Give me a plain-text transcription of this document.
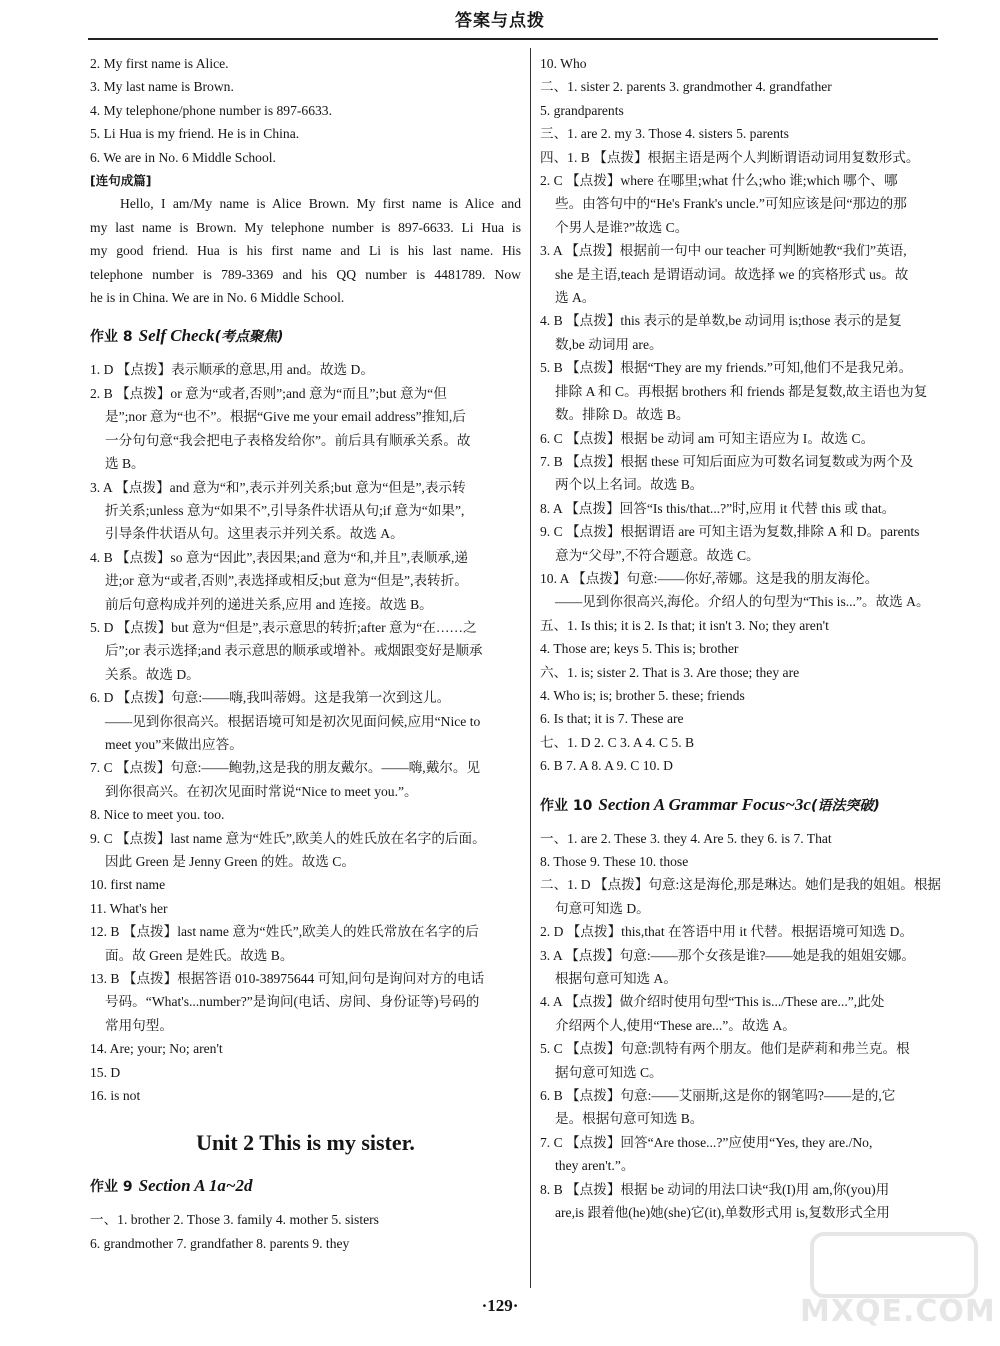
答案与点拨

2. My first name is Alice.

3. My last name is Brown.

4. My telephone/phone number is 897-6633.

5. Li Hua is my friend. He is in China.

6. We are in No. 6 Middle School.

[连句成篇]

Hello, I am/My name is Alice Brown. My first name is Alice and

my last name is Brown. My telephone number is 897-6633. Li Hua is

my good friend. Hua is his first name and Li is his last name. His

telephone number is 789-3369 and his QQ number is 4481789. Now

he is in China. We are in No. 6 Middle School.

作业 8 Self Check(考点聚焦)

1. D 【点拨】表示顺承的意思,用 and。故选 D。

2. B 【点拨】or 意为“或者,否则”;and 意为“而且”;but 意为“但

是”;nor 意为“也不”。根据“Give me your email address”推知,后

一分句句意“我会把电子表格发给你”。前后具有顺承关系。故

选 B。

3. A 【点拨】and 意为“和”,表示并列关系;but 意为“但是”,表示转

折关系;unless 意为“如果不”,引导条件状语从句;if 意为“如果”,

引导条件状语从句。这里表示并列关系。故选 A。

4. B 【点拨】so 意为“因此”,表因果;and 意为“和,并且”,表顺承,递

进;or 意为“或者,否则”,表选择或相反;but 意为“但是”,表转折。

前后句意构成并列的递进关系,应用 and 连接。故选 B。

5. D 【点拨】but 意为“但是”,表示意思的转折;after 意为“在……之

后”;or 表示选择;and 表示意思的顺承或增补。戒烟跟变好是顺承

关系。故选 D。

6. D 【点拨】句意:——嗨,我叫蒂姆。这是我第一次到这儿。

——见到你很高兴。根据语境可知是初次见面问候,应用“Nice to

meet you”来做出应答。

7. C 【点拨】句意:——鲍勃,这是我的朋友戴尔。——嗨,戴尔。见

到你很高兴。在初次见面时常说“Nice to meet you.”。

8. Nice to meet you. too.

9. C 【点拨】last name 意为“姓氏”,欧美人的姓氏放在名字的后面。

因此 Green 是 Jenny Green 的姓。故选 C。

10. first name

11. What's her

12. B 【点拨】last name 意为“姓氏”,欧美人的姓氏常放在名字的后

面。故 Green 是姓氏。故选 B。

13. B 【点拨】根据答语 010-38975644 可知,问句是询问对方的电话

号码。“What's...number?”是询问(电话、房间、身份证等)号码的

常用句型。

14. Are; your; No; aren't

15. D

16. is not

Unit 2 This is my sister.
作业 9 Section A 1a~2d

一、1. brother 2. Those 3. family 4. mother 5. sisters

6. grandmother 7. grandfather 8. parents 9. they

10. Who

二、1. sister 2. parents 3. grandmother 4. grandfather

5. grandparents

三、1. are 2. my 3. Those 4. sisters 5. parents

四、1. B 【点拨】根据主语是两个人判断谓语动词用复数形式。

2. C 【点拨】where 在哪里;what 什么;who 谁;which 哪个、哪

些。由答句中的“He's Frank's uncle.”可知应该是问“那边的那

个男人是谁?”故选 C。

3. A 【点拨】根据前一句中 our teacher 可判断她教“我们”英语,

she 是主语,teach 是谓语动词。故选择 we 的宾格形式 us。故

选 A。

4. B 【点拨】this 表示的是单数,be 动词用 is;those 表示的是复

数,be 动词用 are。

5. B 【点拨】根据“They are my friends.”可知,他们不是我兄弟。

排除 A 和 C。再根据 brothers 和 friends 都是复数,故主语也为复

数。排除 D。故选 B。

6. C 【点拨】根据 be 动词 am 可知主语应为 I。故选 C。

7. B 【点拨】根据 these 可知后面应为可数名词复数或为两个及

两个以上名词。故选 B。

8. A 【点拨】回答“Is this/that...?”时,应用 it 代替 this 或 that。

9. C 【点拨】根据谓语 are 可知主语为复数,排除 A 和 D。parents

意为“父母”,不符合题意。故选 C。

10. A 【点拨】句意:——你好,蒂娜。这是我的朋友海伦。

——见到你很高兴,海伦。介绍人的句型为“This is...”。故选 A。

五、1. Is this; it is 2. Is that; it isn't 3. No; they aren't

4. Those are; keys 5. This is; brother

六、1. is; sister 2. That is 3. Are those; they are

4. Who is; is; brother 5. these; friends

6. Is that; it is 7. These are

七、1. D 2. C 3. A 4. C 5. B

6. B 7. A 8. A 9. C 10. D

作业 10 Section A Grammar Focus~3c(语法突破)

一、1. are 2. These 3. they 4. Are 5. they 6. is 7. That

8. Those 9. These 10. those

二、1. D 【点拨】句意:这是海伦,那是琳达。她们是我的姐姐。根据

句意可知选 D。

2. D 【点拨】this,that 在答语中用 it 代替。根据语境可知选 D。

3. A 【点拨】句意:——那个女孩是谁?——她是我的姐姐安娜。

根据句意可知选 A。

4. A 【点拨】做介绍时使用句型“This is.../These are...”,此处

介绍两个人,使用“These are...”。故选 A。

5. C 【点拨】句意:凯特有两个朋友。他们是萨莉和弗兰克。根

据句意可知选 C。

6. B 【点拨】句意:——艾丽斯,这是你的钢笔吗?——是的,它

是。根据句意可知选 B。

7. C 【点拨】回答“Are those...?”应使用“Yes, they are./No,

they aren't.”。

8. B 【点拨】根据 be 动词的用法口诀“我(I)用 am,你(you)用

are,is 跟着他(he)她(she)它(it),单数形式用 is,复数形式全用

·129·	MXQE.COM
